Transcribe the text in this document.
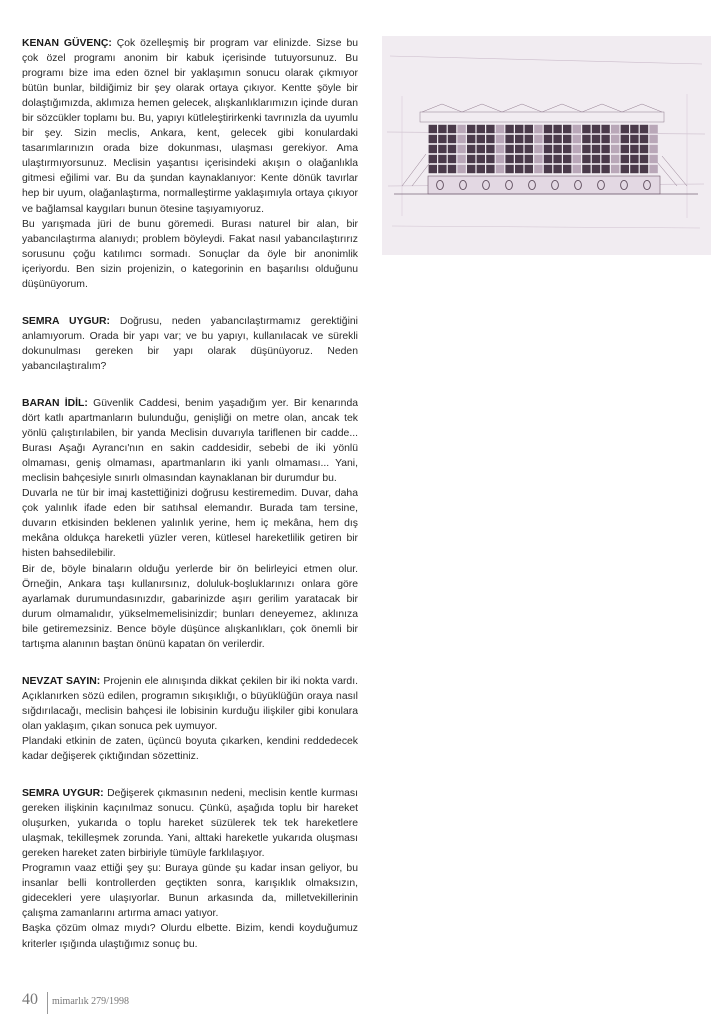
KENAN GÜVENÇ: Çok özelleşmiş bir program var elinizde. Sizse bu çok özel programı anonim bir kabuk içerisinde tutuyorsunuz. Bu programı bize ima eden öznel bir yaklaşımın sonucu olarak çıkmıyor bütün bunlar, bildiğimiz bir şey olarak ortaya çıkıyor. Kentte şöyle bir dolaştığımızda, aklımıza hemen gelecek, alışkanlıklarımızın içinde duran bir sözcükler toplamı bu. Bu, yapıyı kütleleştirirkenki tavrınızla da uyumlu bir şey. Sizin meclis, Ankara, kent, gelecek gibi konulardaki tasarımlarınızın orada bize dokunması, ulaşması gerekiyor. Ama ulaştırmıyorsunuz. Meclisin yaşantısı içerisindeki akışın o olağanlıkla gitmesi eğilimi var. Bu da şundan kaynaklanıyor: Kente dönük tavırlar hep bir uyum, olağanlaştırma, normalleştirme yaklaşımıyla ortaya çıkıyor ve bağlamsal kaygıları bunun ötesine taşıyamıyoruz.

Bu yarışmada jüri de bunu göremedi. Burası naturel bir alan, bir yabancılaştırma alanıydı; problem böyleydi. Fakat nasıl yabancılaştırırız sorusunu çoğu katılımcı sormadı. Sonuçlar da öyle bir anonimlik içeriyordu. Ben sizin projenizin, o kategorinin en başarılısı olduğunu düşünüyorum.

SEMRA UYGUR: Doğrusu, neden yabancılaştırmamız gerektiğini anlamıyorum. Orada bir yapı var; ve bu yapıyı, kullanılacak ve sürekli dokunulması gereken bir yapı olarak düşünüyoruz. Neden yabancılaştıralım?

BARAN İDİL: Güvenlik Caddesi, benim yaşadığım yer. Bir kenarında dört katlı apartmanların bulunduğu, genişliği on metre olan, ancak tek yönlü çalıştırılabilen, bir yanda Meclisin duvarıyla tariflenen bir cadde... Burası Aşağı Ayrancı'nın en sakin caddesidir, sebebi de iki yönlü olmaması, geniş olmaması, apartmanların iki yanlı olmaması... Yani, meclisin bahçesiyle sınırlı olmasından kaynaklanan bir durumdur bu.

Duvarla ne tür bir imaj kastettiğinizi doğrusu kestiremedim. Duvar, daha çok yalınlık ifade eden bir satıhsal elemandır. Burada tam tersine, duvarın etkisinden beklenen yalınlık yerine, hem iç mekâna, hem dış mekâna oldukça hareketli yüzler veren, kütlesel hareketlilik getiren bir histen bahsedilebilir.

Bir de, böyle binaların olduğu yerlerde bir ön belirleyici etmen olur. Örneğin, Ankara taşı kullanırsınız, doluluk-boşluklarınızı onlara göre ayarlamak durumundasınızdır, gabarinizde aşırı gerilim yaratacak bir durum olmamalıdır, yükselmemelisinizdir; bunları deneyemez, aklınıza bile getiremezsiniz. Bence böyle düşünce alışkanlıkları, çok önemli bir tartışma alanının baştan önünü kapatan ön verilerdir.

NEVZAT SAYIN: Projenin ele alınışında dikkat çekilen bir iki nokta vardı. Açıklanırken sözü edilen, programın sıkışıklığı, o büyüklüğün oraya nasıl sığdırılacağı, meclisin bahçesi ile lobisinin kurduğu ilişkiler gibi konulara olan yaklaşım, çıkan sonuca pek uymuyor.

Plandaki etkinin de zaten, üçüncü boyuta çıkarken, kendini reddedecek kadar değişerek çıktığından sözettiniz.

SEMRA UYGUR: Değişerek çıkmasının nedeni, meclisin kentle kurması gereken ilişkinin kaçınılmaz sonucu. Çünkü, aşağıda toplu bir hareket oluşurken, yukarıda o toplu hareket süzülerek tek tek hareketlere ulaşmak, tekilleşmek zorunda. Yani, alttaki hareketle yukarıda oluşması gereken hareket zaten birbiriyle tümüyle farklılaşıyor.

Programın vaaz ettiği şey şu: Buraya günde şu kadar insan geliyor, bu insanlar belli kontrollerden geçtikten sonra, karışıklık olmaksızın, gidecekleri yere ulaşıyorlar. Bunun arkasında da, milletvekillerinin çalışma zamanlarını artırma amacı yatıyor.

Başka çözüm olmaz mıydı? Olurdu elbette. Bizim, kendi koyduğumuz kriterler ışığında ulaştığımız sonuç bu.

40 mimarlık 279/1998
